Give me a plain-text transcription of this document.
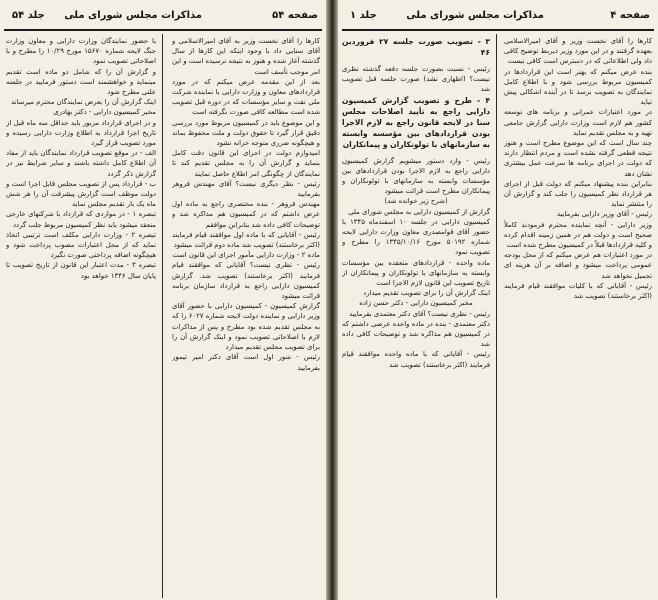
صفحه ۵۴
مذاکرات مجلس شورای ملی
جلد ۵۴

کارها را آقای نخست وزیر به آقای امیرالاسلامی و آقای سنایی داد با وجود اینکه این کارها از سال گذشته آغاز شده و هنوز به نتیجه نرسیده است و این امر موجب تأسف است

بعد از این مقدمه عرض میکنم که در مورد قراردادهای معاون و وزارت دارایی با نماینده شرکت ملی نفت و سایر مؤسسات که در دوره قبل تصویب شده است مطالعه کافی صورت نگرفته است

و این موضوع باید در کمیسیون مربوط مورد بررسی دقیق قرار گیرد تا حقوق دولت و ملت محفوظ بماند و هیچگونه ضرری متوجه خزانه نشود

امیدوارم دولت در اجرای این قانون دقت کامل بنماید و گزارش آن را به مجلس تقدیم کند تا نمایندگان از چگونگی امر اطلاع حاصل نمایند

رئیس - نظر دیگری نیست؟ آقای مهندس فروهر بفرمایید

مهندس فروهر - بنده مختصری راجع به ماده اول عرض داشتم که در کمیسیون هم مذاکره شد و توضیحات کافی داده شد بنابراین موافقم

رئیس - آقایانی که با ماده اول موافقند قیام فرمایند (اکثر برخاستند) تصویب شد ماده دوم قرائت میشود

ماده ۲ - وزارت دارایی مأمور اجرای این قانون است

رئیس - نظری نیست؟ آقایانی که موافقند قیام فرمایند (اکثر برخاستند) تصویب شد. گزارش کمیسیون دارایی راجع به قرارداد سازمان برنامه قرائت میشود

گزارش کمیسیون - کمیسیون دارایی با حضور آقای وزیر دارایی و نماینده دولت لایحه شماره ۶۰۲۷ را که به مجلس تقدیم شده بود مطرح و پس از مذاکرات لازم با اصلاحاتی تصویب نمود و اینک گزارش آن را برای تصویب مجلس تقدیم میدارد

رئیس - شور اول است آقای دکتر امیر تیمور بفرمایید

با حضور نمایندگان وزارت دارایی و معاون وزارت جنگ لایحه شماره ۱۵۶۷۰ مورخ ۱۰/۲۹ را مطرح و با اصلاحاتی تصویب نمود

و گزارش آن را که شامل دو ماده است تقدیم مینماید و خواهشمند است دستور فرمایید در جلسه علنی مطرح شود

اینک گزارش آن را بعرض نمایندگان محترم میرساند

مخبر کمیسیون دارایی - دکتر بهادری

و در اجرای قرارداد مزبور باید حداقل سه ماه قبل از تاریخ اجرا قرارداد به اطلاع وزارت دارایی رسیده و مورد تصویب قرار گیرد

الف - در موقع تصویب قرارداد نمایندگان باید از مفاد آن اطلاع کامل داشته باشند و سایر شرایط نیز در گزارش ذکر گردد

ب - قرارداد پس از تصویب مجلس قابل اجرا است و دولت موظف است گزارش پیشرفت آن را هر شش ماه یک بار تقدیم مجلس نماید

تبصره ۱ - در مواردی که قرارداد با شرکتهای خارجی منعقد میشود باید نظر کمیسیون مربوط جلب گردد

تبصره ۲ - وزارت دارایی مکلف است ترتیبی اتخاذ نماید که از محل اعتبارات مصوب پرداخت شود و هیچگونه اضافه پرداختی صورت نگیرد

تبصره ۳ - مدت اعتبار این قانون از تاریخ تصویب تا پایان سال ۱۳۴۶ خواهد بود

صفحه ۴
مذاکرات مجلس شورای ملی
جلد ۱

کارها را آقای نخست وزیر و آقای امیرالاسلامی بعهده گرفتند و در این مورد وزیر ذیربط توضیح کافی داد ولی اطلاعاتی که در دسترس است کافی نیست

بنده عرض میکنم که بهتر است این قراردادها در کمیسیون مربوط بررسی شود و با اطلاع کامل نمایندگان به تصویب برسد تا در آینده اشکالی پیش نیاید

در مورد اعتبارات عمرانی و برنامه های توسعه کشور هم لازم است وزارت دارایی گزارش جامعی تهیه و به مجلس تقدیم نماید

چند سال است که این موضوع مطرح است و هنوز نتیجه قطعی گرفته نشده است و مردم انتظار دارند که دولت در اجرای برنامه ها سرعت عمل بیشتری نشان دهد

بنابراین بنده پیشنهاد میکنم که دولت قبل از اجرای هر قرارداد نظر کمیسیون را جلب کند و گزارش آن را منتشر نماید

رئیس - آقای وزیر دارایی بفرمایید

وزیر دارایی - آنچه نماینده محترم فرمودند کاملاً صحیح است و دولت هم در همین زمینه اقدام کرده و کلیه قراردادها قبلاً در کمیسیون مطرح شده است

در مورد اعتبارات هم عرض میکنم که از محل بودجه عمومی پرداخت میشود و اضافه بر آن هزینه ای تحمیل نخواهد شد

رئیس - آقایانی که با کلیات موافقند قیام فرمایند (اکثر برخاستند) تصویب شد

۳ - تصویب صورت جلسه ۲۷ فروردین ۴۶

رئیس - نسبت بصورت جلسه دفعه گذشته نظری نیست؟ (اظهاری نشد) صورت جلسه قبل تصویب شد

۴ - طرح و تصویب گزارش کمیسیون دارایی راجع به تأیید اصلاحات مجلس سنا در لایحه قانون راجع به لازم الاجرا بودن قراردادهای بین مؤسسه وابسته به سازمانهای با تولونکاران و پیمانکاران

رئیس - وارد دستور میشویم گزارش کمیسیون دارایی راجع به لازم الاجرا بودن قراردادهای بین مؤسسات وابسته به سازمانهای با تولونکاران و پیمانکاران مطرح است قرائت میشود

(شرح زیر خوانده شد)

گزارش از کمیسیون دارایی به مجلس شورای ملی

کمیسیون دارایی در جلسه ۱۰ اسفندماه ۱۳۴۵ با حضور آقای قوامصدری معاون وزارت دارایی لایحه شماره ۵۰۱۹۲ مورخ ۱۳۴۵/۱۰/۱۶ را مطرح و تصویب نمود

ماده واحده - قراردادهای منعقده بین مؤسسات وابسته به سازمانهای با تولونکاران و پیمانکاران از تاریخ تصویب این قانون لازم الاجرا است

اینک گزارش آن را برای تصویب تقدیم میدارد

مخبر کمیسیون دارایی - دکتر حسن زاده

رئیس - نظری نیست؟ آقای دکتر معتمدی بفرمایید

دکتر معتمدی - بنده در ماده واحده عرضی داشتم که در کمیسیون هم مذاکره شد و توضیحات کافی داده شد

رئیس - آقایانی که با ماده واحده موافقند قیام فرمایند (اکثر برخاستند) تصویب شد
